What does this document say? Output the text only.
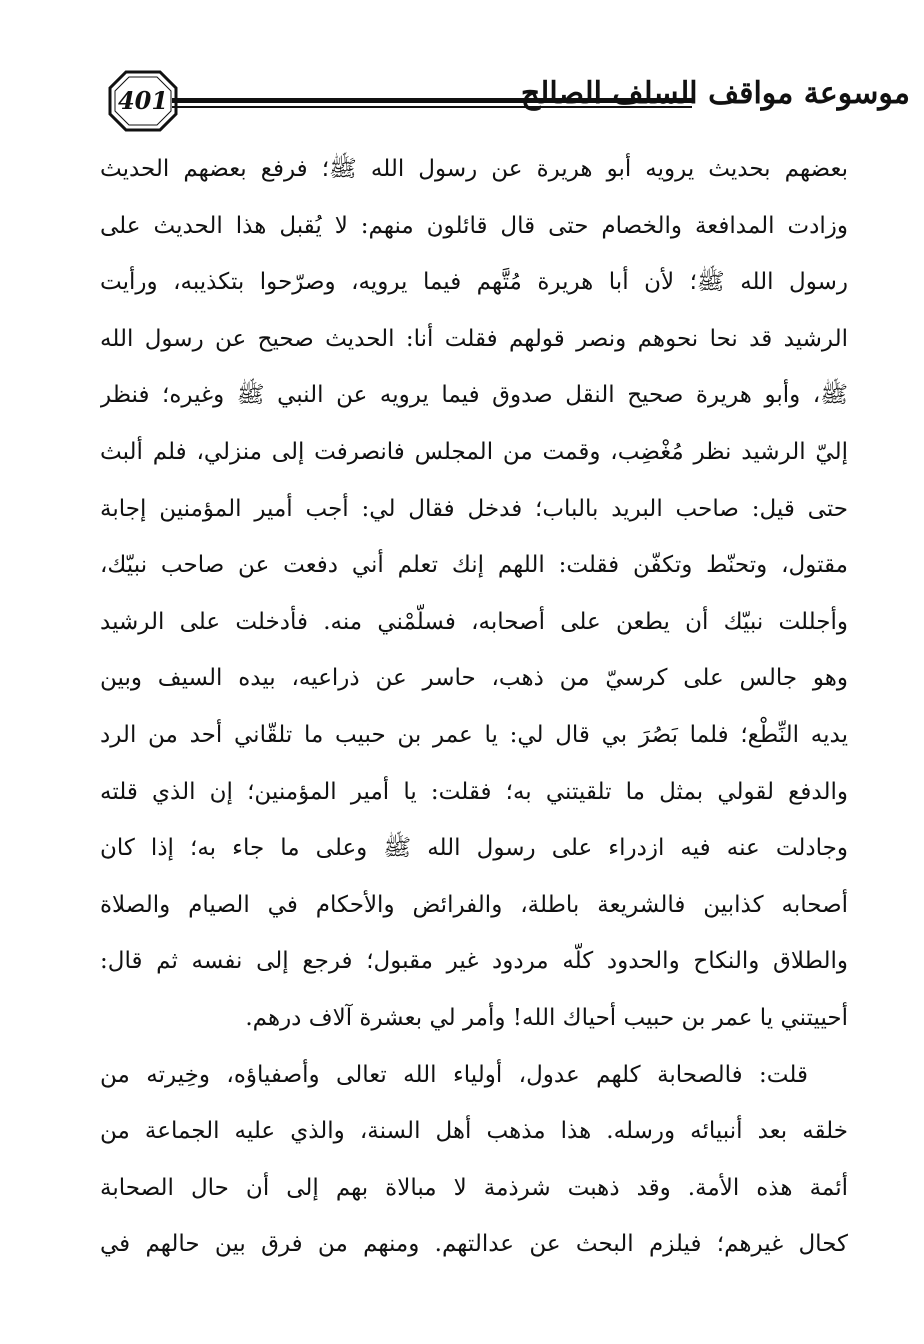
401	موسوعة مواقف السلف الصالح
بعضهم بحديث يرويه أبو هريرة عن رسول الله ﷺ؛ فرفع بعضهم الحديث
وزادت المدافعة والخصام حتى قال قائلون منهم: لا يُقبل هذا الحديث على
رسول الله ﷺ؛ لأن أبا هريرة مُتَّهم فيما يرويه، وصرّحوا بتكذيبه، ورأيت
الرشيد قد نحا نحوهم ونصر قولهم فقلت أنا: الحديث صحيح عن رسول الله
ﷺ، وأبو هريرة صحيح النقل صدوق فيما يرويه عن النبي ﷺ وغيره؛ فنظر
إليّ الرشيد نظر مُغْضِب، وقمت من المجلس فانصرفت إلى منزلي، فلم ألبث
حتى قيل: صاحب البريد بالباب؛ فدخل فقال لي: أجب أمير المؤمنين إجابة
مقتول، وتحنّط وتكفّن فقلت: اللهم إنك تعلم أني دفعت عن صاحب نبيّك،
وأجللت نبيّك أن يطعن على أصحابه، فسلّمْني منه. فأدخلت على الرشيد
وهو جالس على كرسيّ من ذهب، حاسر عن ذراعيه، بيده السيف وبين
يديه النِّطْع؛ فلما بَصُرَ بي قال لي: يا عمر بن حبيب ما تلقّاني أحد من الرد
والدفع لقولي بمثل ما تلقيتني به؛ فقلت: يا أمير المؤمنين؛ إن الذي قلته
وجادلت عنه فيه ازدراء على رسول الله ﷺ وعلى ما جاء به؛ إذا كان
أصحابه كذابين فالشريعة باطلة، والفرائض والأحكام في الصيام والصلاة
والطلاق والنكاح والحدود كلّه مردود غير مقبول؛ فرجع إلى نفسه ثم قال:
أحييتني يا عمر بن حبيب أحياك الله! وأمر لي بعشرة آلاف درهم.
قلت: فالصحابة كلهم عدول، أولياء الله تعالى وأصفياؤه، وخِيرته من
خلقه بعد أنبيائه ورسله. هذا مذهب أهل السنة، والذي عليه الجماعة من
أئمة هذه الأمة. وقد ذهبت شرذمة لا مبالاة بهم إلى أن حال الصحابة
كحال غيرهم؛ فيلزم البحث عن عدالتهم. ومنهم من فرق بين حالهم في
